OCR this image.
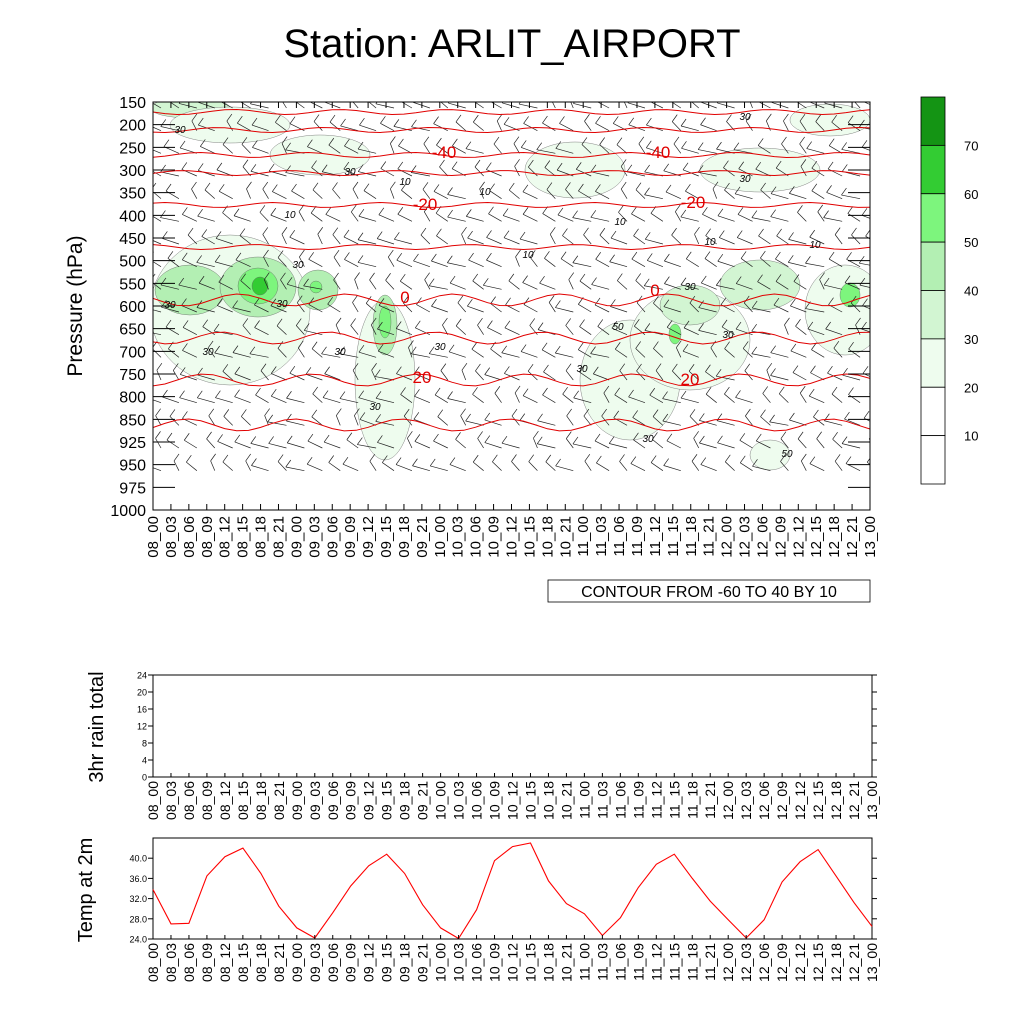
Station: ARLIT_AIRPORT
-40	-40
-20	-20
0	0
20	20
30
30
10
10
10
10
10
10	10
30
30
30
30
30	30
30
30
30
30
30
50
50
30
30
150
200
250
300
350
400
450
500
550
600
650
700
750
800
850
925
950
975
1000
08_00 08_03 08_06 08_09 08_12 08_15 08_18 08_21 09_00 09_03 09_06 09_09 09_12 09_15 09_18 09_21 10_00 10_03 10_06 10_09 10_12 10_15 10_18 10_21 11_00 11_03 11_06 11_09 11_12 11_15 11_18 11_21 12_00 12_03 12_06 12_09 12_12 12_15 12_18 12_21 13_00
Pressure (hPa)
CONTOUR FROM -60 TO 40 BY 10
10
20
30
40
50
60
70
0
4
8
12
16
20
24
08_00 08_03 08_06 08_09 08_12 08_15 08_18 08_21 09_00 09_03 09_06 09_09 09_12 09_15 09_18 09_21 10_00 10_03 10_06 10_09 10_12 10_15 10_18 10_21 11_00 11_03 11_06 11_09 11_12 11_15 11_18 11_21 12_00 12_03 12_06 12_09 12_12 12_15 12_18 12_21 13_00
3hr rain total
24.0
28.0
32.0
36.0
40.0
08_00 08_03 08_06 08_09 08_12 08_15 08_18 08_21 09_00 09_03 09_06 09_09 09_12 09_15 09_18 09_21 10_00 10_03 10_06 10_09 10_12 10_15 10_18 10_21 11_00 11_03 11_06 11_09 11_12 11_15 11_18 11_21 12_00 12_03 12_06 12_09 12_12 12_15 12_18 12_21 13_00
Temp at 2m
